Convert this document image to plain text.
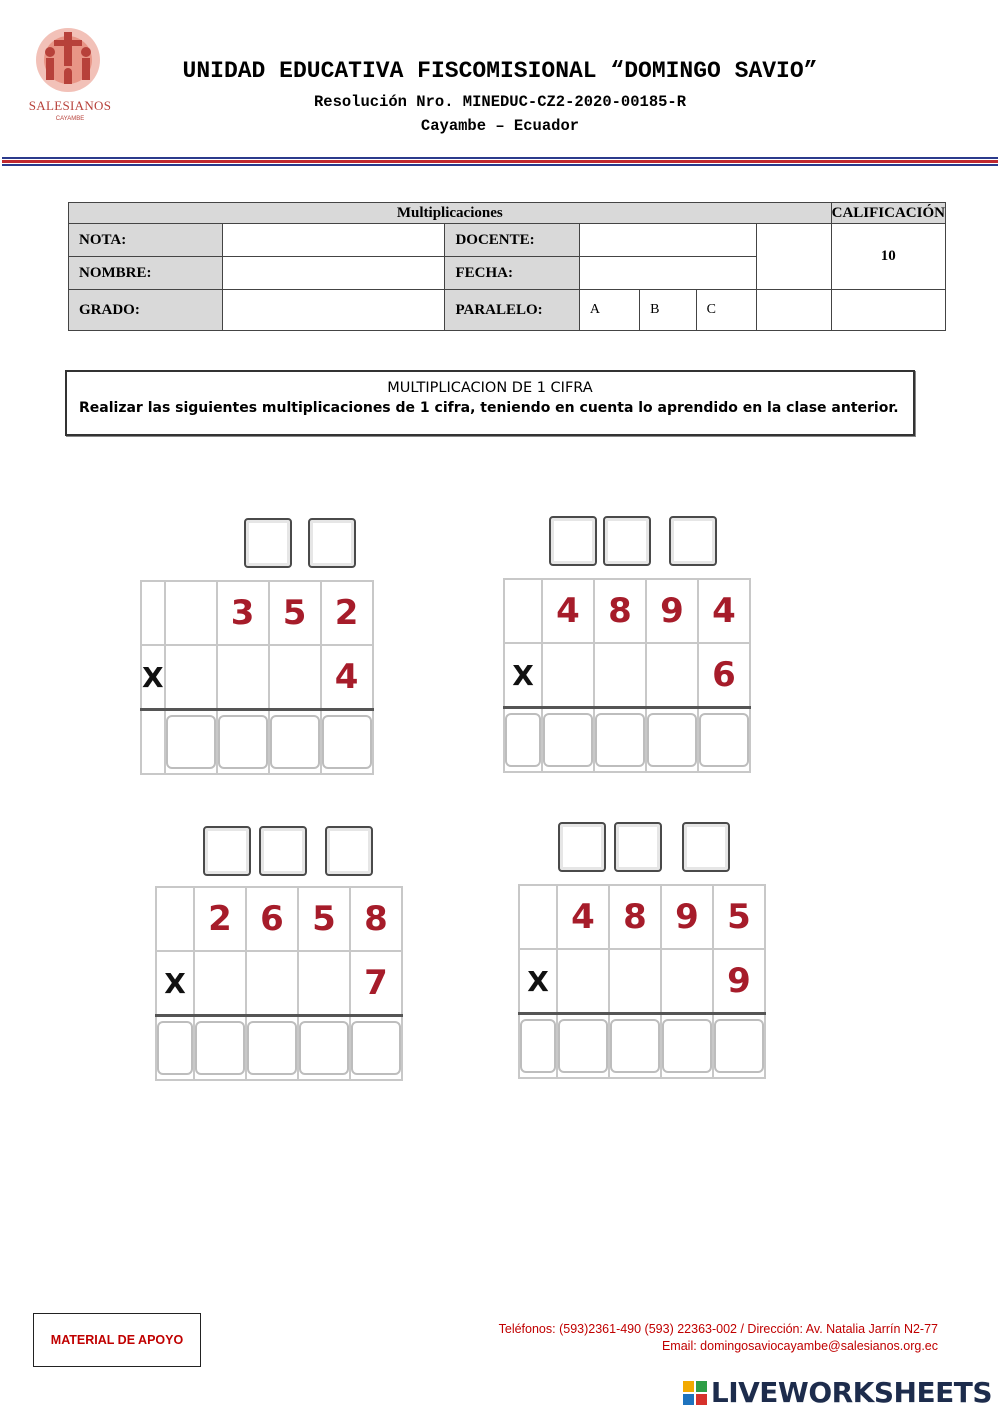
SALESIANOS
CAYAMBE
UNIDAD EDUCATIVA FISCOMISIONAL “DOMINGO SAVIO”
Resolución Nro. MINEDUC-CZ2-2020-00185-R
Cayambe – Ecuador
Multiplicaciones							CALIFICACIÓN
NOTA:		DOCENTE:					10
NOMBRE:		FECHA:					
GRADO:		PARALELO:	A	B	C		
MULTIPLICACION DE 1 CIFRA
Realizar las siguientes multiplicaciones de 1 cifra, teniendo en cuenta lo aprendido en la clase anterior.
		3	5	2
X				4

	4	8	9	4
X				6

	2	6	5	8
X				7

	4	8	9	5
X				9

MATERIAL DE APOYO
Teléfonos: (593)2361-490 (593) 22363-002 / Dirección: Av. Natalia Jarrín N2-77
Email: domingosaviocayambe@salesianos.org.ec
LIVEWORKSHEETS
